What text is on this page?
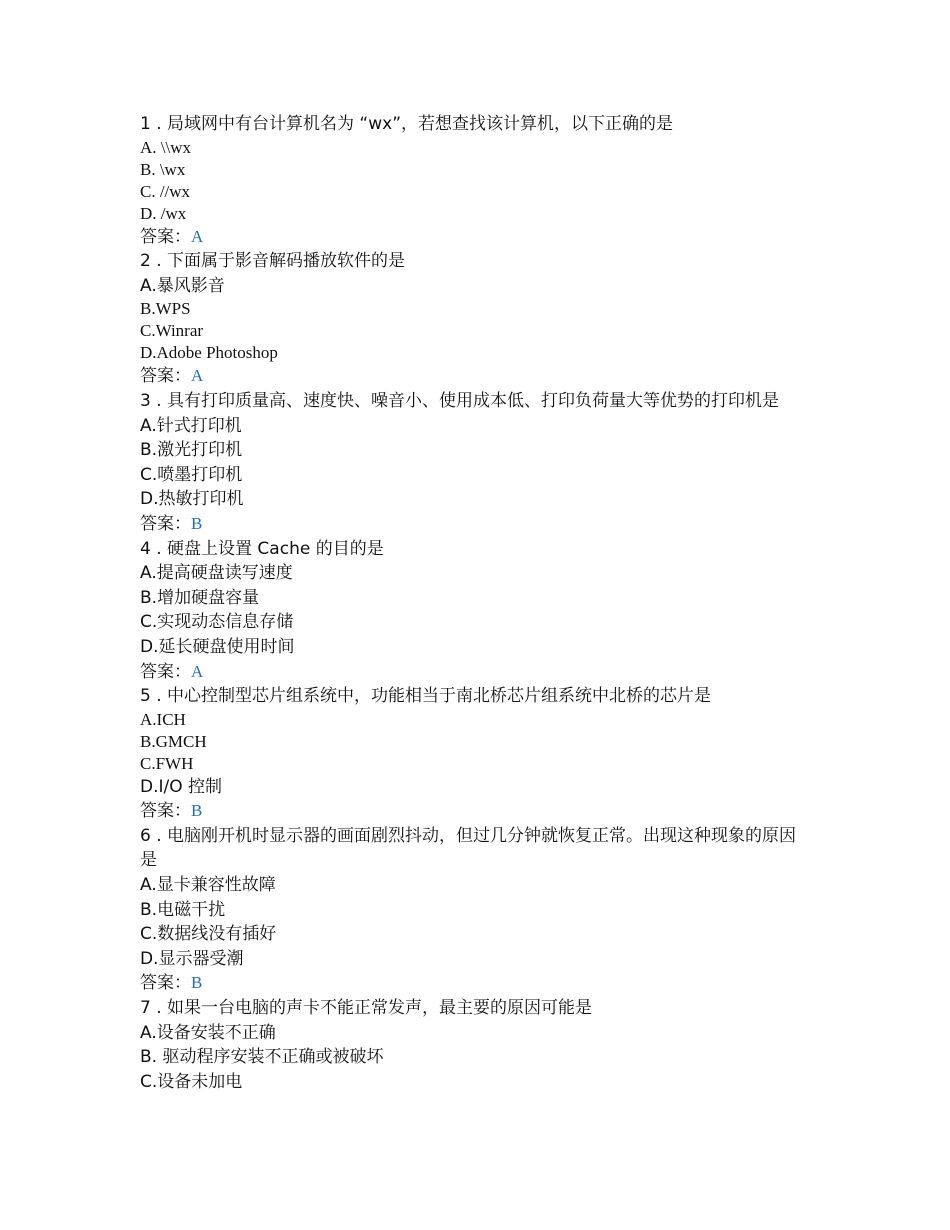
1 . 局域网中有台计算机名为 “wx”，若想查找该计算机，以下正确的是
A. \\wx
B. \wx
C. //wx
D. /wx
答案：A
2 . 下面属于影音解码播放软件的是
A.暴风影音
B.WPS
C.Winrar
D.Adobe Photoshop
答案：A
3 . 具有打印质量高、速度快、噪音小、使用成本低、打印负荷量大等优势的打印机是
A.针式打印机
B.激光打印机
C.喷墨打印机
D.热敏打印机
答案：B
4 . 硬盘上设置 Cache 的目的是
A.提高硬盘读写速度
B.增加硬盘容量
C.实现动态信息存储
D.延长硬盘使用时间
答案：A
5 . 中心控制型芯片组系统中，功能相当于南北桥芯片组系统中北桥的芯片是
A.ICH
B.GMCH
C.FWH
D.I/O 控制
答案：B
6 . 电脑刚开机时显示器的画面剧烈抖动，但过几分钟就恢复正常。出现这种现象的原因是
A.显卡兼容性故障
B.电磁干扰
C.数据线没有插好
D.显示器受潮
答案：B
7 . 如果一台电脑的声卡不能正常发声，最主要的原因可能是
A.设备安装不正确
B. 驱动程序安装不正确或被破坏
C.设备未加电
